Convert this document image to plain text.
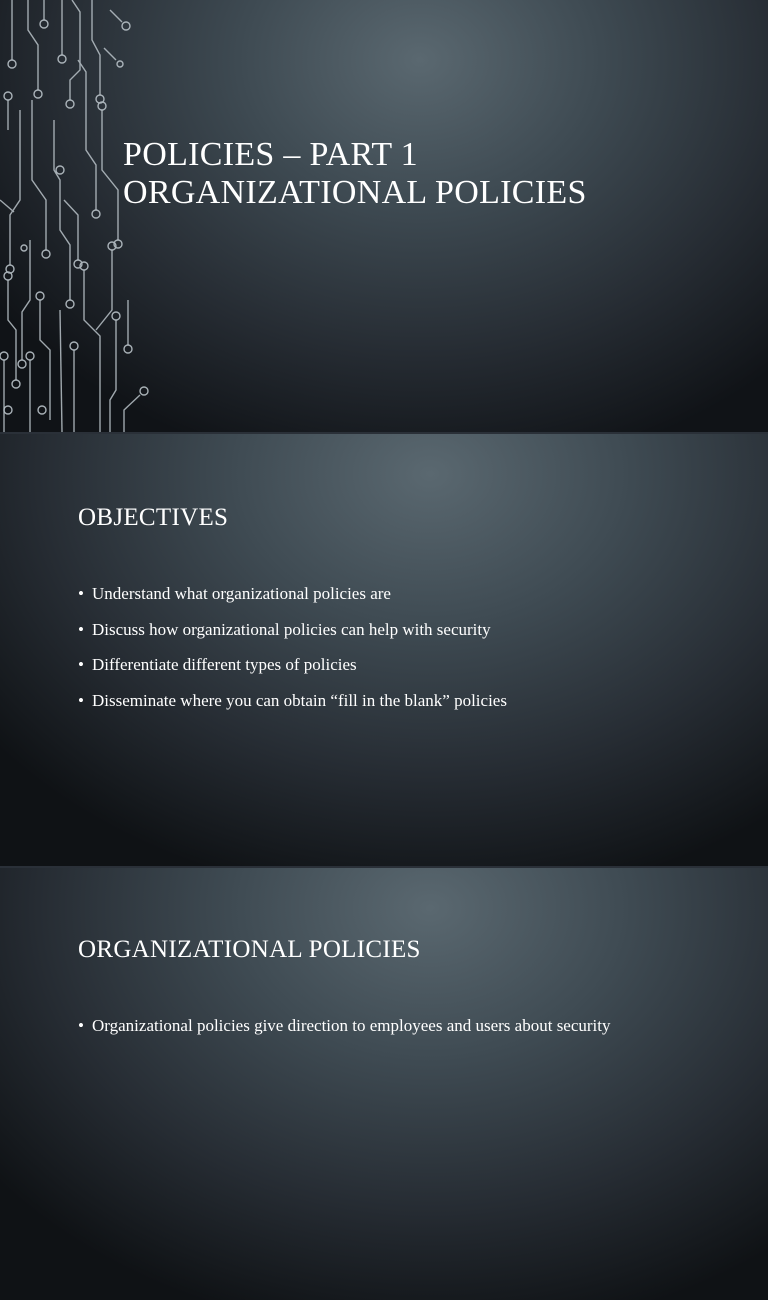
POLICIES – PART 1
ORGANIZATIONAL POLICIES
OBJECTIVES
• Understand what organizational policies are
• Discuss how organizational policies can help with security
• Differentiate different types of policies
• Disseminate where you can obtain “fill in the blank” policies
ORGANIZATIONAL POLICIES
• Organizational policies give direction to employees and users about security
